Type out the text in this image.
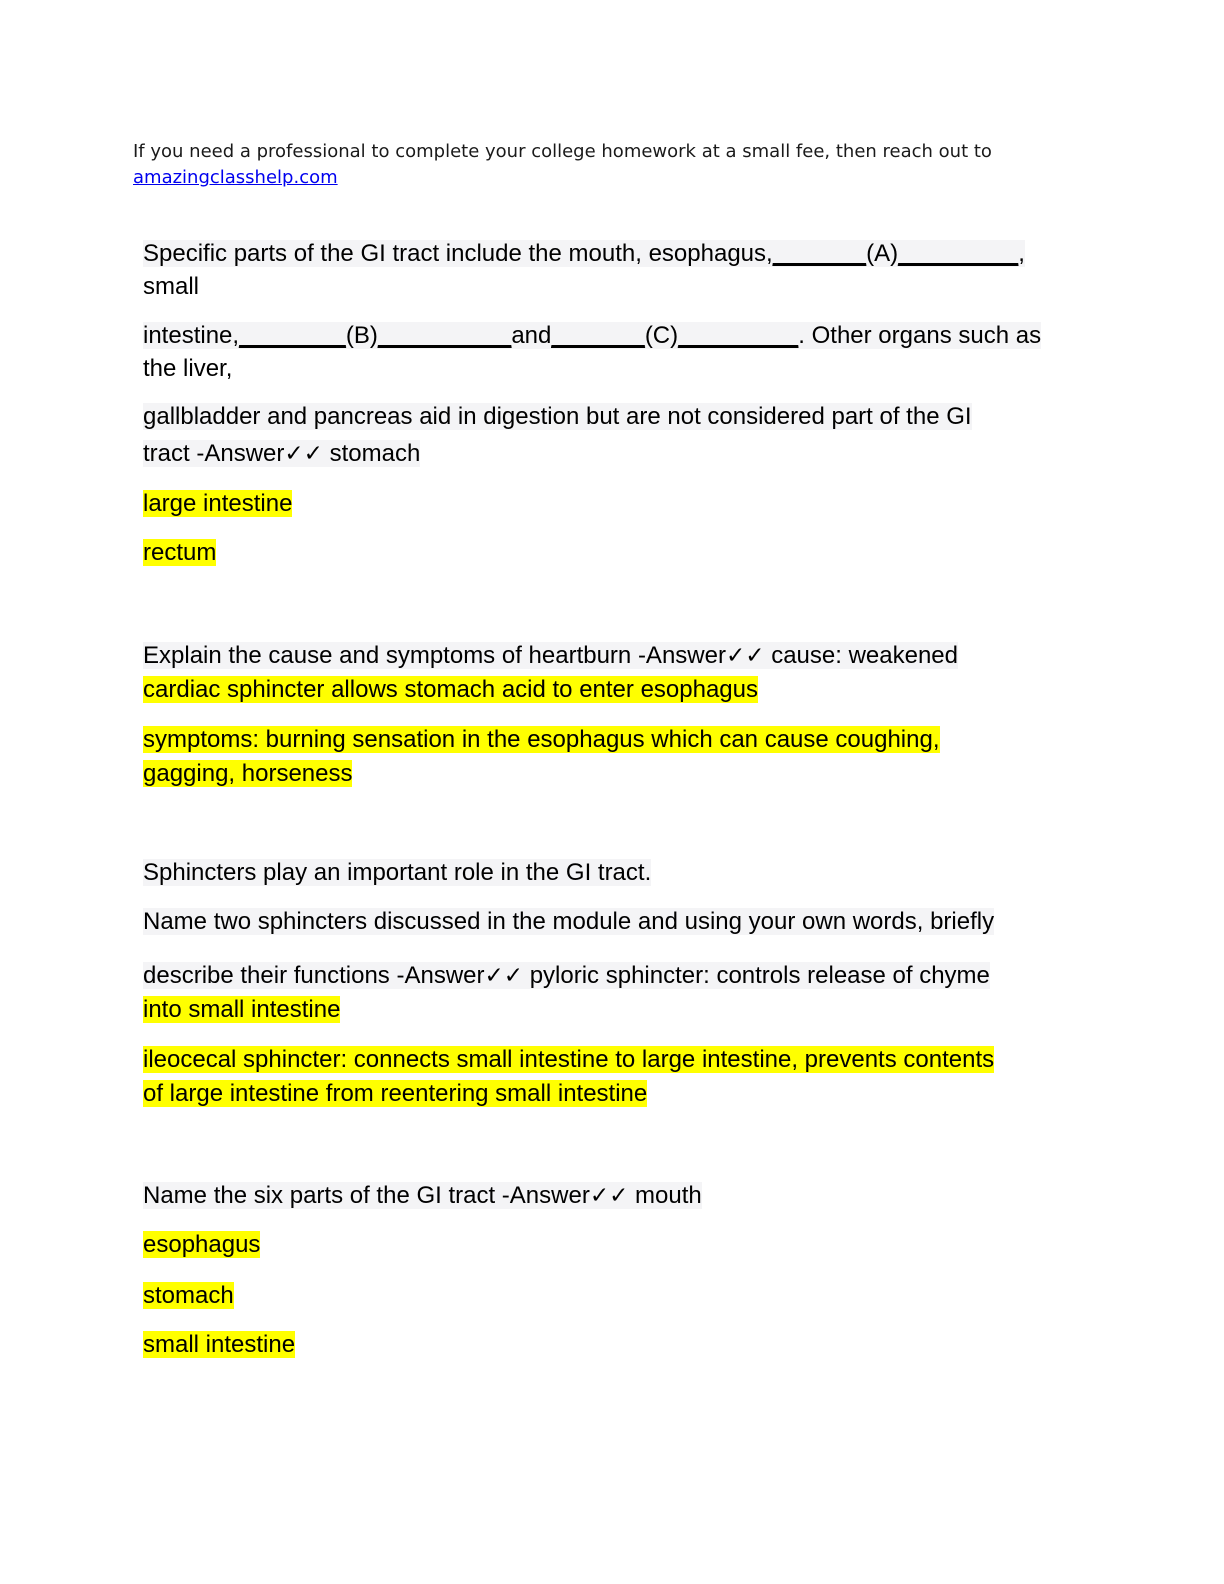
If you need a professional to complete your college homework at a small fee, then reach out to
amazingclasshelp.com
Specific parts of the GI tract include the mouth, esophagus,_______(A)_________,
small
intestine,________(B)__________and_______(C)_________. Other organs such as
the liver,
gallbladder and pancreas aid in digestion but are not considered part of the GI
tract -Answer✓✓ stomach
large intestine
rectum
Explain the cause and symptoms of heartburn -Answer✓✓ cause: weakened
cardiac sphincter allows stomach acid to enter esophagus
symptoms: burning sensation in the esophagus which can cause coughing,
gagging, horseness
Sphincters play an important role in the GI tract.
Name two sphincters discussed in the module and using your own words, briefly
describe their functions -Answer✓✓ pyloric sphincter: controls release of chyme
into small intestine
ileocecal sphincter: connects small intestine to large intestine, prevents contents
of large intestine from reentering small intestine
Name the six parts of the GI tract -Answer✓✓ mouth
esophagus
stomach
small intestine
